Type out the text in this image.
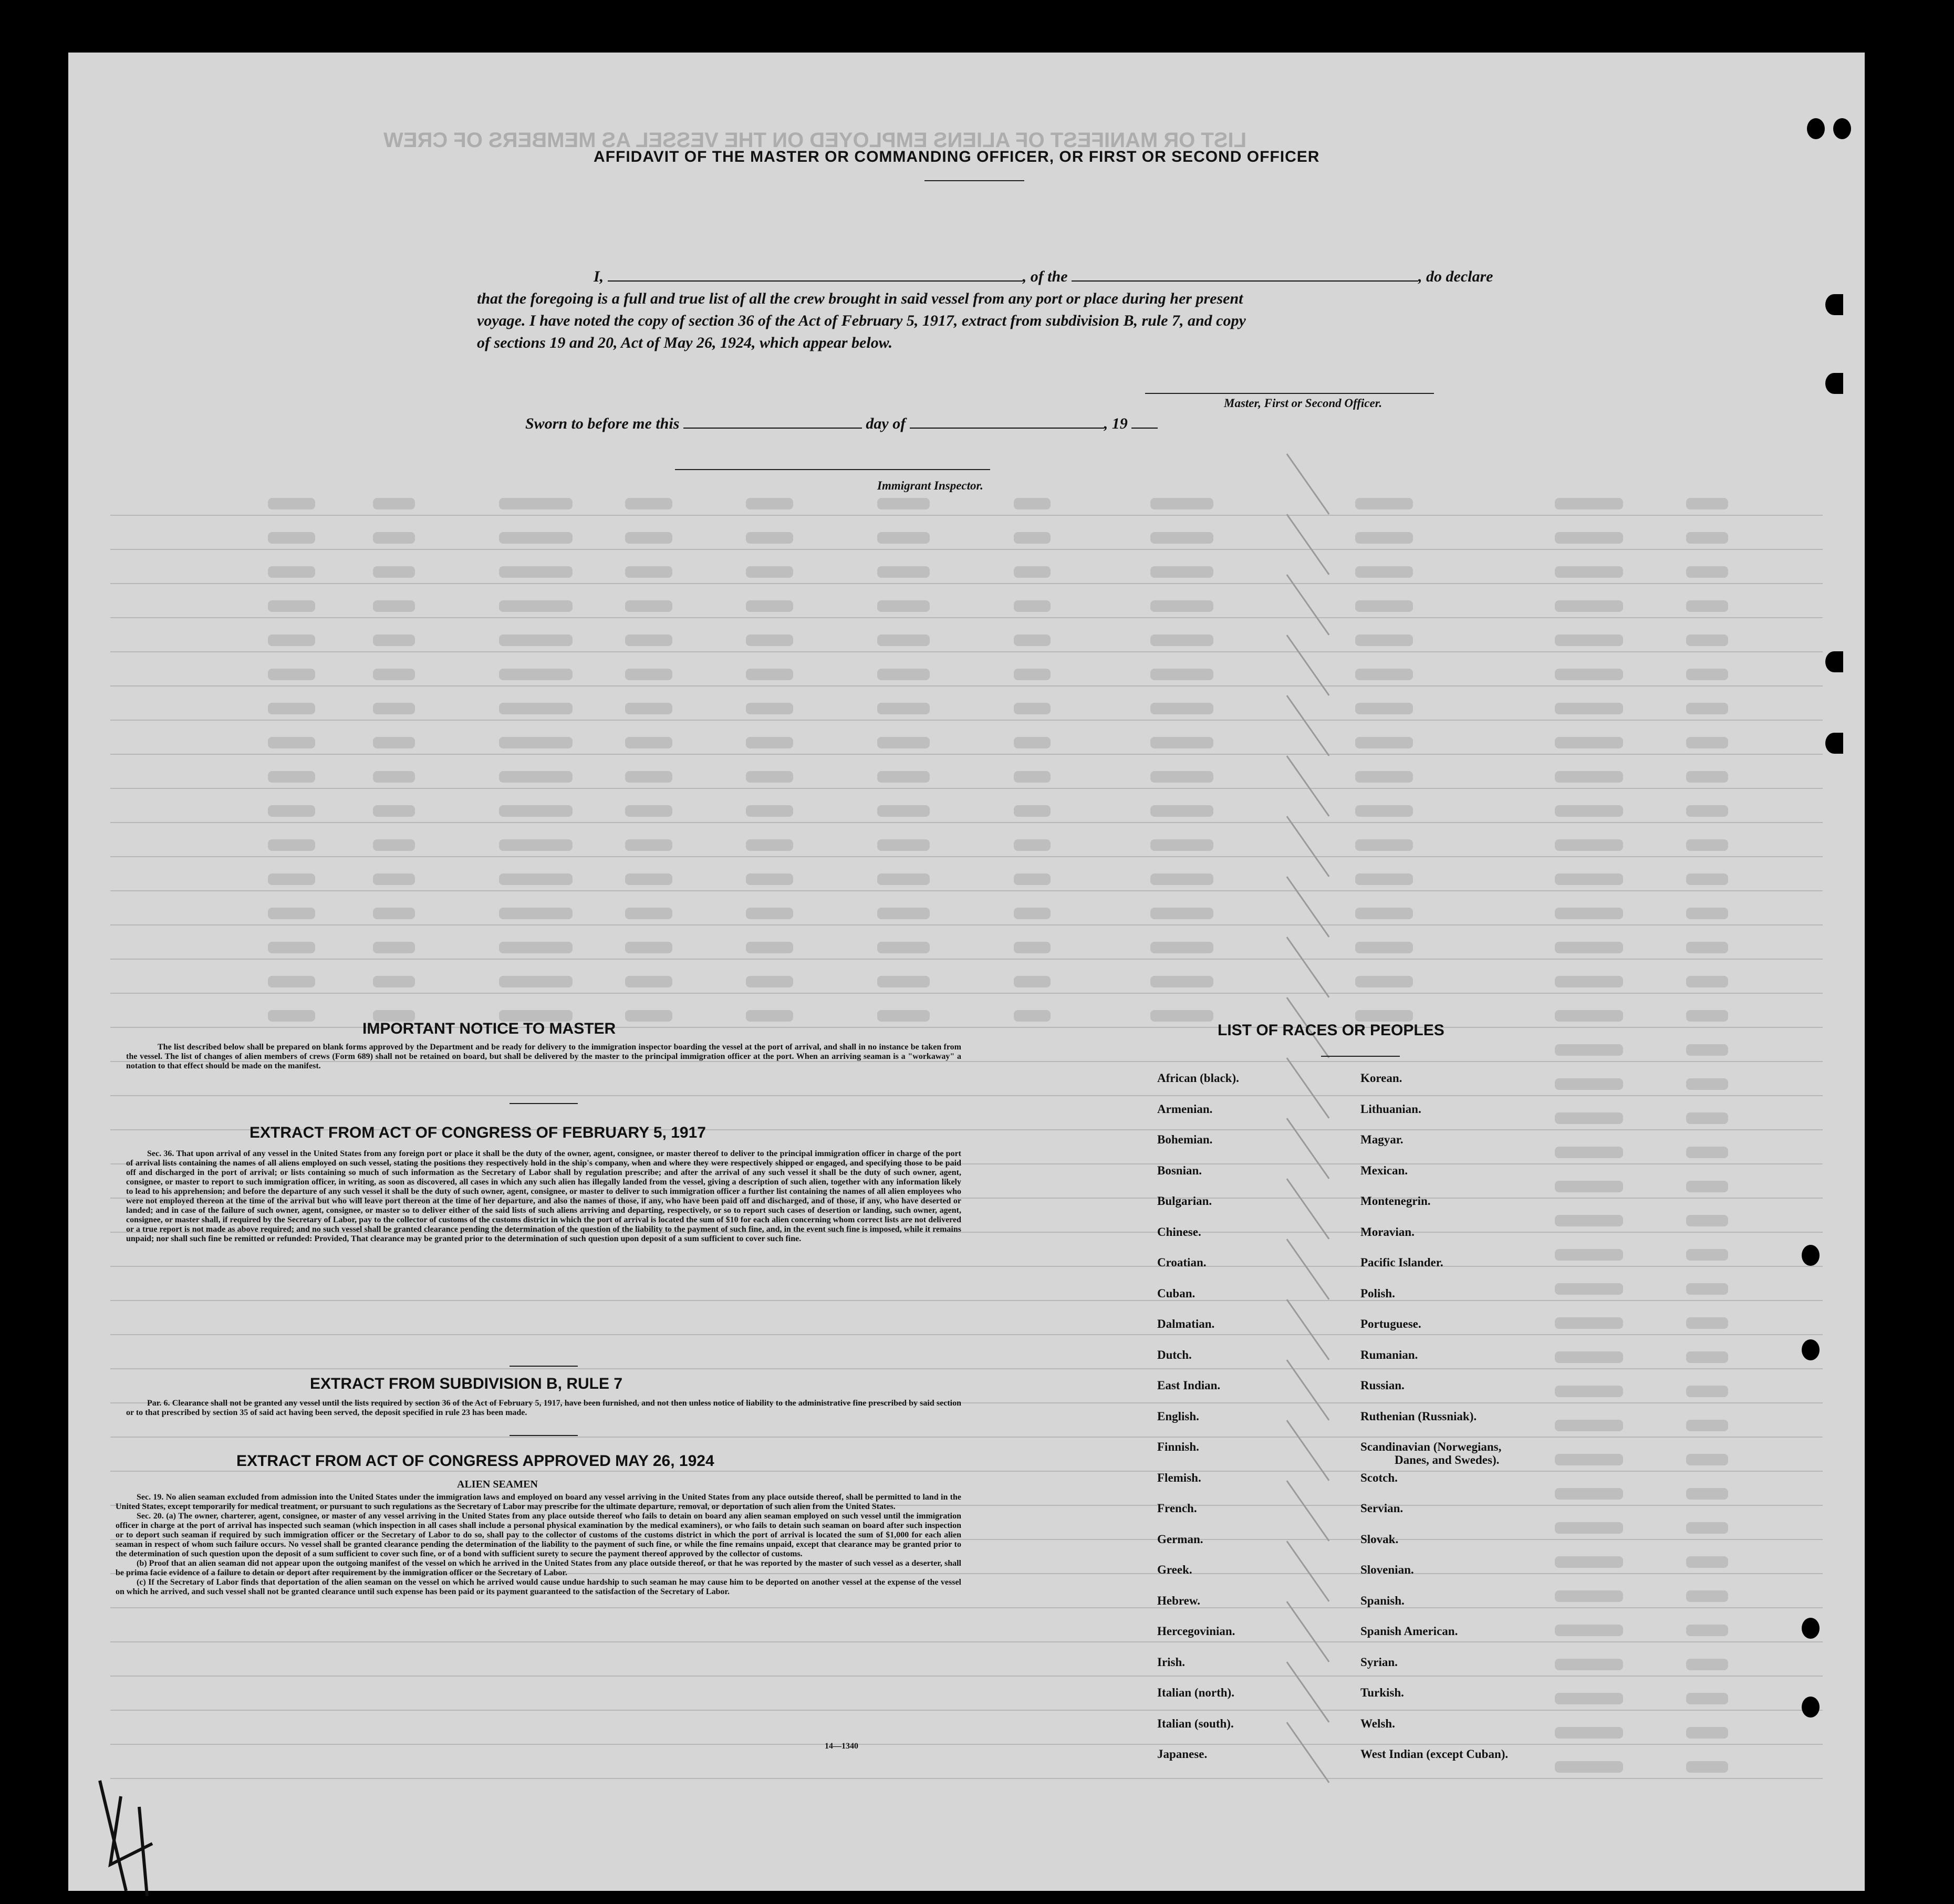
LIST OR MANIFEST OF ALIENS EMPLOYED ON THE VESSEL AS MEMBERS OF CREW
AFFIDAVIT OF THE MASTER OR COMMANDING OFFICER, OR FIRST OR SECOND OFFICER
I,	, of the	, do declare
that the foregoing is a full and true list of all the crew brought in said vessel from any port or place during her present
voyage. I have noted the copy of section 36 of the Act of February 5, 1917, extract from subdivision B, rule 7, and copy
of sections 19 and 20, Act of May 26, 1924, which appear below.
Master, First or Second Officer.
Sworn to before me this	day of	, 19
Immigrant Inspector.
IMPORTANT NOTICE TO MASTER
The list described below shall be prepared on blank forms approved by the Department and be ready for delivery to the immigration inspector boarding the vessel at the port of arrival, and shall in no instance be taken from the vessel. The list of changes of alien members of crews (Form 689) shall not be retained on board, but shall be delivered by the master to the principal immigration officer at the port. When an arriving seaman is a "workaway" a notation to that effect should be made on the manifest.
EXTRACT FROM ACT OF CONGRESS OF FEBRUARY 5, 1917
Sec. 36. That upon arrival of any vessel in the United States from any foreign port or place it shall be the duty of the owner, agent, consignee, or master thereof to deliver to the principal immigration officer in charge of the port of arrival lists containing the names of all aliens employed on such vessel, stating the positions they respectively hold in the ship's company, when and where they were respectively shipped or engaged, and specifying those to be paid off and discharged in the port of arrival; or lists containing so much of such information as the Secretary of Labor shall by regulation prescribe; and after the arrival of any such vessel it shall be the duty of such owner, agent, consignee, or master to report to such immigration officer, in writing, as soon as discovered, all cases in which any such alien has illegally landed from the vessel, giving a description of such alien, together with any information likely to lead to his apprehension; and before the departure of any such vessel it shall be the duty of such owner, agent, consignee, or master to deliver to such immigration officer a further list containing the names of all alien employees who were not employed thereon at the time of the arrival but who will leave port thereon at the time of her departure, and also the names of those, if any, who have been paid off and discharged, and of those, if any, who have deserted or landed; and in case of the failure of such owner, agent, consignee, or master so to deliver either of the said lists of such aliens arriving and departing, respectively, or so to report such cases of desertion or landing, such owner, agent, consignee, or master shall, if required by the Secretary of Labor, pay to the collector of customs of the customs district in which the port of arrival is located the sum of $10 for each alien concerning whom correct lists are not delivered or a true report is not made as above required; and no such vessel shall be granted clearance pending the determination of the question of the liability to the payment of such fine, and, in the event such fine is imposed, while it remains unpaid; nor shall such fine be remitted or refunded: Provided, That clearance may be granted prior to the determination of such question upon deposit of a sum sufficient to cover such fine.
EXTRACT FROM SUBDIVISION B, RULE 7
Par. 6. Clearance shall not be granted any vessel until the lists required by section 36 of the Act of February 5, 1917, have been furnished, and not then unless notice of liability to the administrative fine prescribed by said section or to that prescribed by section 35 of said act having been served, the deposit specified in rule 23 has been made.
EXTRACT FROM ACT OF CONGRESS APPROVED MAY 26, 1924
ALIEN SEAMEN
Sec. 19. No alien seaman excluded from admission into the United States under the immigration laws and employed on board any vessel arriving in the United States from any place outside thereof, shall be permitted to land in the United States, except temporarily for medical treatment, or pursuant to such regulations as the Secretary of Labor may prescribe for the ultimate departure, removal, or deportation of such alien from the United States.
Sec. 20. (a) The owner, charterer, agent, consignee, or master of any vessel arriving in the United States from any place outside thereof who fails to detain on board any alien seaman employed on such vessel until the immigration officer in charge at the port of arrival has inspected such seaman (which inspection in all cases shall include a personal physical examination by the medical examiners), or who fails to detain such seaman on board after such inspection or to deport such seaman if required by such immigration officer or the Secretary of Labor to do so, shall pay to the collector of customs of the customs district in which the port of arrival is located the sum of $1,000 for each alien seaman in respect of whom such failure occurs. No vessel shall be granted clearance pending the determination of the liability to the payment of such fine, or while the fine remains unpaid, except that clearance may be granted prior to the determination of such question upon the deposit of a sum sufficient to cover such fine, or of a bond with sufficient surety to secure the payment thereof approved by the collector of customs.
(b) Proof that an alien seaman did not appear upon the outgoing manifest of the vessel on which he arrived in the United States from any place outside thereof, or that he was reported by the master of such vessel as a deserter, shall be prima facie evidence of a failure to detain or deport after requirement by the immigration officer or the Secretary of Labor.
(c) If the Secretary of Labor finds that deportation of the alien seaman on the vessel on which he arrived would cause undue hardship to such seaman he may cause him to be deported on another vessel at the expense of the vessel on which he arrived, and such vessel shall not be granted clearance until such expense has been paid or its payment guaranteed to the satisfaction of the Secretary of Labor.
14—1340
LIST OF RACES OR PEOPLES
African (black).
Armenian.
Bohemian.
Bosnian.
Bulgarian.
Chinese.
Croatian.
Cuban.
Dalmatian.
Dutch.
East Indian.
English.
Finnish.
Flemish.
French.
German.
Greek.
Hebrew.
Hercegovinian.
Irish.
Italian (north).
Italian (south).
Japanese.
Korean.
Lithuanian.
Magyar.
Mexican.
Montenegrin.
Moravian.
Pacific Islander.
Polish.
Portuguese.
Rumanian.
Russian.
Ruthenian (Russniak).
Scandinavian (Norwegians,
Danes, and Swedes).
Scotch.
Servian.
Slovak.
Slovenian.
Spanish.
Spanish American.
Syrian.
Turkish.
Welsh.
West Indian (except Cuban).
